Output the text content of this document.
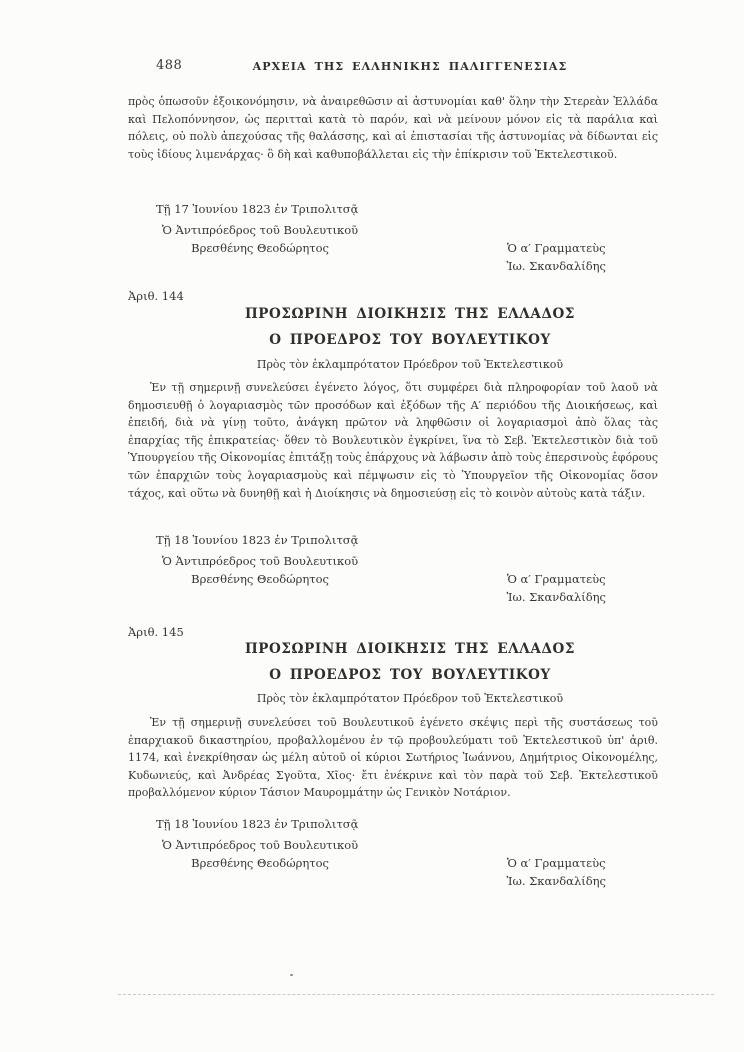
488	ΑΡΧΕΙΑ ΤΗΣ ΕΛΛΗΝΙΚΗΣ ΠΑΛΙΓΓΕΝΕΣΙΑΣ
πρὸς ὁπωσοῦν ἐξοικονόμησιν, νὰ ἀναιρεθῶσιν αἱ ἀστυνομίαι καθ' ὅλην τὴν Στερεὰν Ἑλλάδα καὶ Πελοπόννησον, ὡς περιτταὶ κατὰ τὸ παρόν, καὶ νὰ μείνουν μόνον εἰς τὰ παράλια καὶ πόλεις, οὐ πολὺ ἀπεχούσας τῆς θαλάσσης, καὶ αἱ ἐπιστασίαι τῆς ἀστυνομίας νὰ δίδωνται εἰς τοὺς ἰδίους λιμενάρχας· ὃ δὴ καὶ καθυποβάλλεται εἰς τὴν ἐπίκρισιν τοῦ Ἐκτελεστικοῦ.
Τῇ 17 Ἰουνίου 1823 ἐν Τριπολιτσᾷ
Ὁ Ἀντιπρόεδρος τοῦ Βουλευτικοῦ
Βρεσθένης Θεοδώρητος	Ὁ α′ Γραμματεὺς
Ἰω. Σκανδαλίδης
Ἀριθ. 144
ΠΡΟΣΩΡΙΝΗ ΔΙΟΙΚΗΣΙΣ ΤΗΣ ΕΛΛΑΔΟΣ
Ο ΠΡΟΕΔΡΟΣ ΤΟΥ ΒΟΥΛΕΥΤΙΚΟΥ
Πρὸς τὸν ἐκλαμπρότατον Πρόεδρον τοῦ Ἐκτελεστικοῦ
Ἐν τῇ σημερινῇ συνελεύσει ἐγένετο λόγος, ὅτι συμφέρει διὰ πληροφορίαν τοῦ λαοῦ νὰ δημοσιευθῇ ὁ λογαριασμὸς τῶν προσόδων καὶ ἐξόδων τῆς Α′ περιόδου τῆς Διοικήσεως, καὶ ἐπειδή, διὰ νὰ γίνῃ τοῦτο, ἀνάγκη πρῶτον νὰ ληφθῶσιν οἱ λογαριασμοὶ ἀπὸ ὅλας τὰς ἐπαρχίας τῆς ἐπικρατείας· ὅθεν τὸ Βουλευτικὸν ἐγκρίνει, ἵνα τὸ Σεβ. Ἐκτελεστικὸν διὰ τοῦ Ὑπουργείου τῆς Οἰκονομίας ἐπιτάξῃ τοὺς ἐπάρχους νὰ λάβωσιν ἀπὸ τοὺς ἐπερσινοὺς ἐφόρους τῶν ἐπαρχιῶν τοὺς λογαριασμοὺς καὶ πέμψωσιν εἰς τὸ Ὑπουργεῖον τῆς Οἰκονομίας ὅσον τάχος, καὶ οὕτω νὰ δυνηθῇ καὶ ἡ Διοίκησις νὰ δημοσιεύσῃ εἰς τὸ κοινὸν αὐτοὺς κατὰ τάξιν.
Τῇ 18 Ἰουνίου 1823 ἐν Τριπολιτσᾷ
Ὁ Ἀντιπρόεδρος τοῦ Βουλευτικοῦ
Βρεσθένης Θεοδώρητος	Ὁ α′ Γραμματεὺς
Ἰω. Σκανδαλίδης
Ἀριθ. 145
ΠΡΟΣΩΡΙΝΗ ΔΙΟΙΚΗΣΙΣ ΤΗΣ ΕΛΛΑΔΟΣ
Ο ΠΡΟΕΔΡΟΣ ΤΟΥ ΒΟΥΛΕΥΤΙΚΟΥ
Πρὸς τὸν ἐκλαμπρότατον Πρόεδρον τοῦ Ἐκτελεστικοῦ
Ἐν τῇ σημερινῇ συνελεύσει τοῦ Βουλευτικοῦ ἐγένετο σκέψις περὶ τῆς συστάσεως τοῦ ἐπαρχιακοῦ δικαστηρίου, προβαλλομένου ἐν τῷ προβουλεύματι τοῦ Ἐκτελεστικοῦ ὑπ' ἀριθ. 1174, καὶ ἐνεκρίθησαν ὡς μέλη αὐτοῦ οἱ κύριοι Σωτήριος Ἰωάννου, Δημήτριος Οἰκονομέλης, Κυδωνιεύς, καὶ Ἀνδρέας Σγοῦτα, Χῖος· ἔτι ἐνέκρινε καὶ τὸν παρὰ τοῦ Σεβ. Ἐκτελεστικοῦ προβαλλόμενον κύριον Τάσιον Μαυρομμάτην ὡς Γενικὸν Νοτάριον.
Τῇ 18 Ἰουνίου 1823 ἐν Τριπολιτσᾷ
Ὁ Ἀντιπρόεδρος τοῦ Βουλευτικοῦ
Βρεσθένης Θεοδώρητος	Ὁ α′ Γραμματεὺς
Ἰω. Σκανδαλίδης
